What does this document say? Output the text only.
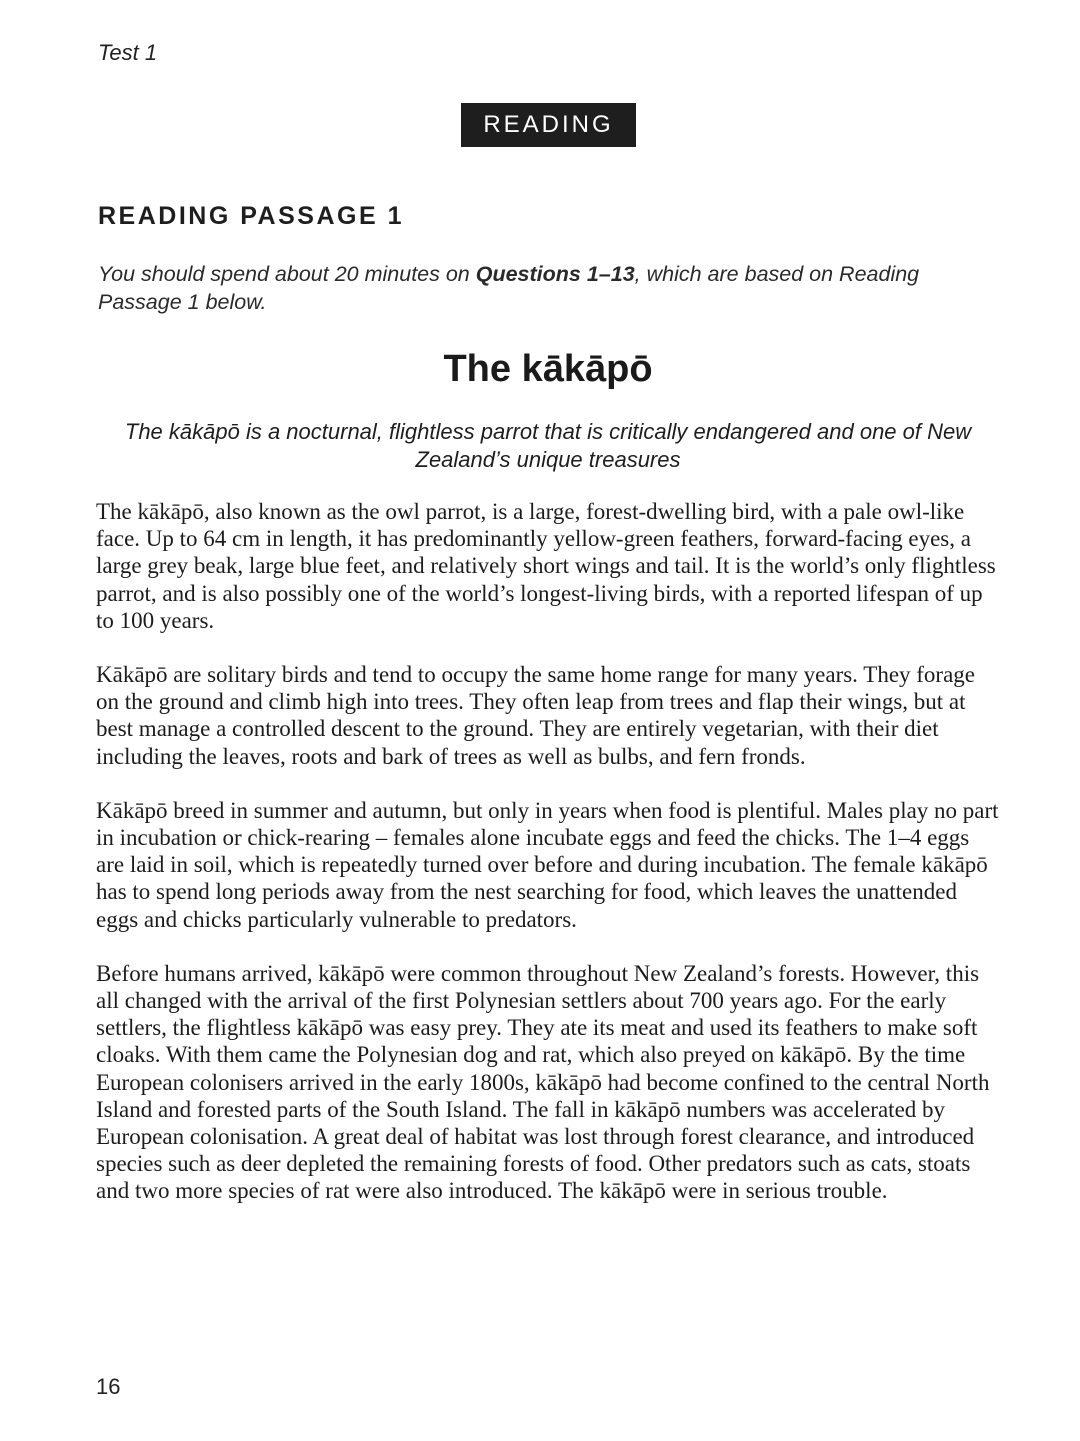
Test 1
READING
READING PASSAGE 1
You should spend about 20 minutes on Questions 1–13, which are based on Reading Passage 1 below.
The kākāpō
The kākāpō is a nocturnal, flightless parrot that is critically endangered and one of New Zealand’s unique treasures

The kākāpō, also known as the owl parrot, is a large, forest-dwelling bird, with a pale owl-like face. Up to 64 cm in length, it has predominantly yellow-green feathers, forward-facing eyes, a large grey beak, large blue feet, and relatively short wings and tail. It is the world’s only flightless parrot, and is also possibly one of the world’s longest-living birds, with a reported lifespan of up to 100 years.

Kākāpō are solitary birds and tend to occupy the same home range for many years. They forage on the ground and climb high into trees. They often leap from trees and flap their wings, but at best manage a controlled descent to the ground. They are entirely vegetarian, with their diet including the leaves, roots and bark of trees as well as bulbs, and fern fronds.

Kākāpō breed in summer and autumn, but only in years when food is plentiful. Males play no part in incubation or chick-rearing – females alone incubate eggs and feed the chicks. The 1–4 eggs are laid in soil, which is repeatedly turned over before and during incubation. The female kākāpō has to spend long periods away from the nest searching for food, which leaves the unattended eggs and chicks particularly vulnerable to predators.

Before humans arrived, kākāpō were common throughout New Zealand’s forests. However, this all changed with the arrival of the first Polynesian settlers about 700 years ago. For the early settlers, the flightless kākāpō was easy prey. They ate its meat and used its feathers to make soft cloaks. With them came the Polynesian dog and rat, which also preyed on kākāpō. By the time European colonisers arrived in the early 1800s, kākāpō had become confined to the central North Island and forested parts of the South Island. The fall in kākāpō numbers was accelerated by European colonisation. A great deal of habitat was lost through forest clearance, and introduced species such as deer depleted the remaining forests of food. Other predators such as cats, stoats and two more species of rat were also introduced. The kākāpō were in serious trouble.

16
